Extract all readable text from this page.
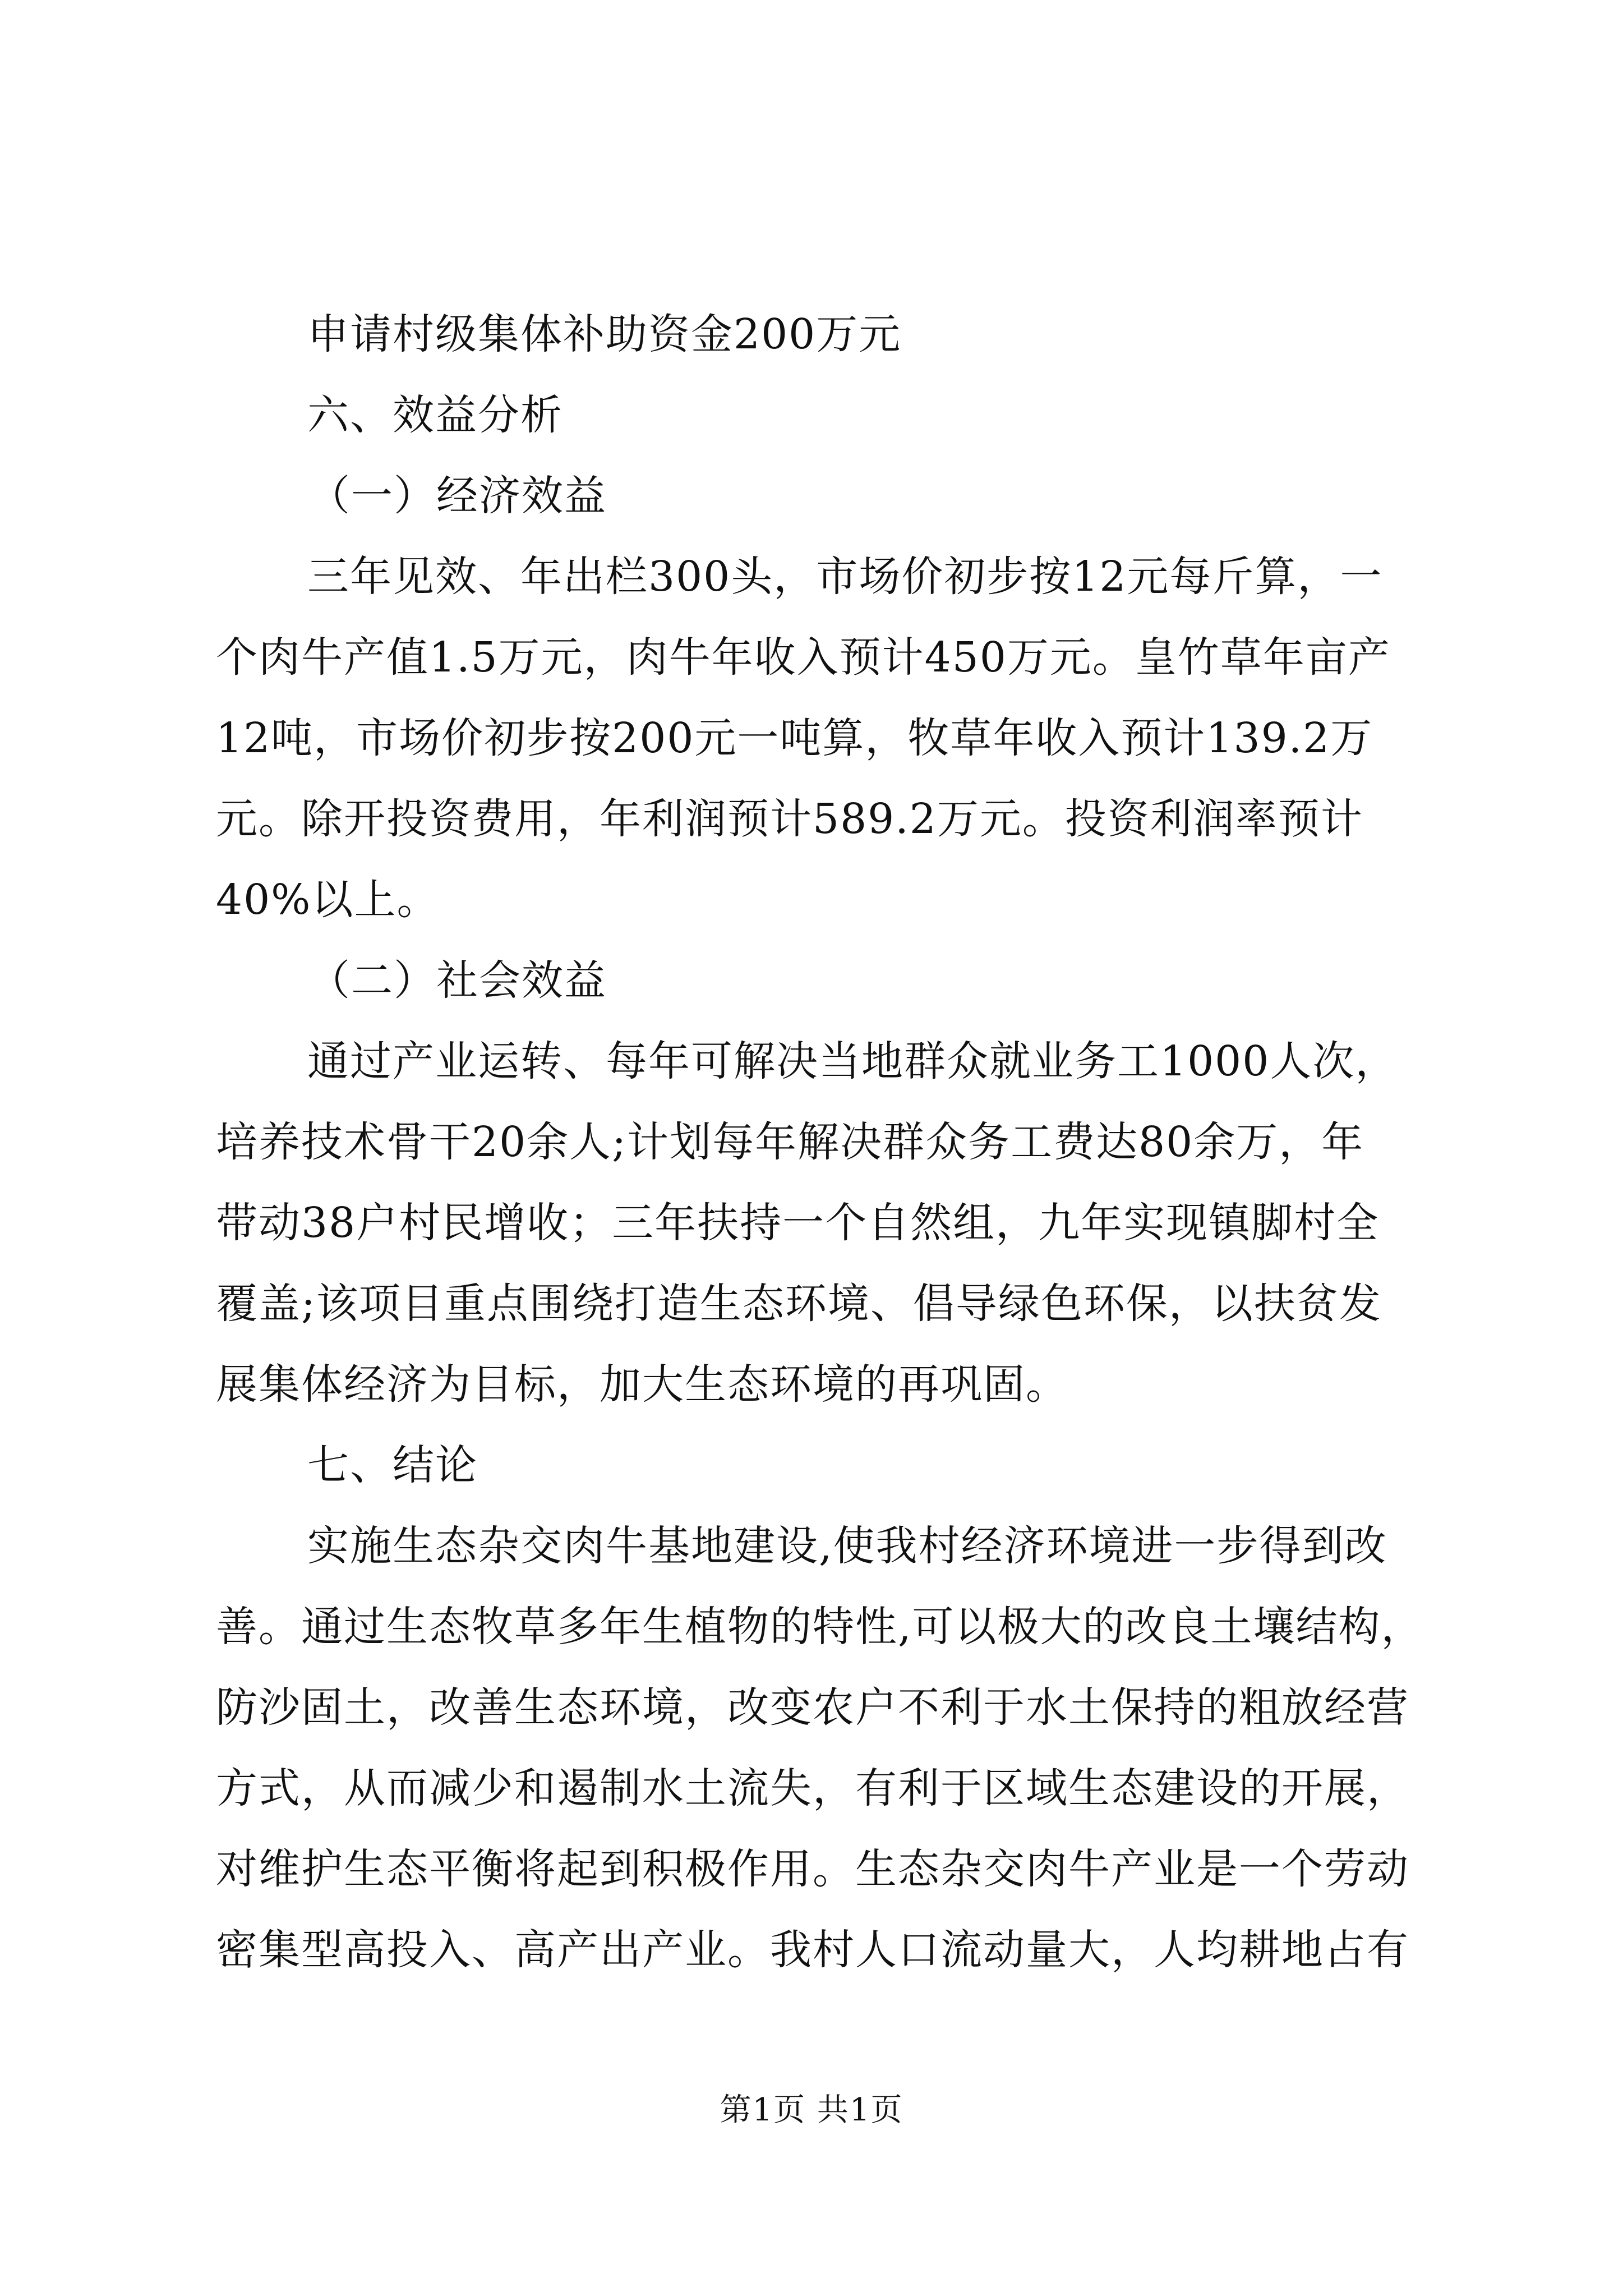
申请村级集体补助资金200万元
六、效益分析
（一）经济效益
三年见效、年出栏300头，市场价初步按12元每斤算，一
个肉牛产值1.5万元，肉牛年收入预计450万元。皇竹草年亩产
12吨，市场价初步按200元一吨算，牧草年收入预计139.2万
元。除开投资费用，年利润预计589.2万元。投资利润率预计
40%以上。
（二）社会效益
通过产业运转、每年可解决当地群众就业务工1000人次，
培养技术骨干20余人;计划每年解决群众务工费达80余万，年
带动38户村民增收；三年扶持一个自然组，九年实现镇脚村全
覆盖;该项目重点围绕打造生态环境、倡导绿色环保，以扶贫发
展集体经济为目标，加大生态环境的再巩固。
七、结论
实施生态杂交肉牛基地建设,使我村经济环境进一步得到改
善。通过生态牧草多年生植物的特性,可以极大的改良土壤结构，
防沙固土，改善生态环境，改变农户不利于水土保持的粗放经营
方式，从而减少和遏制水土流失，有利于区域生态建设的开展，
对维护生态平衡将起到积极作用。生态杂交肉牛产业是一个劳动
密集型高投入、高产出产业。我村人口流动量大，人均耕地占有
第1页 共1页
